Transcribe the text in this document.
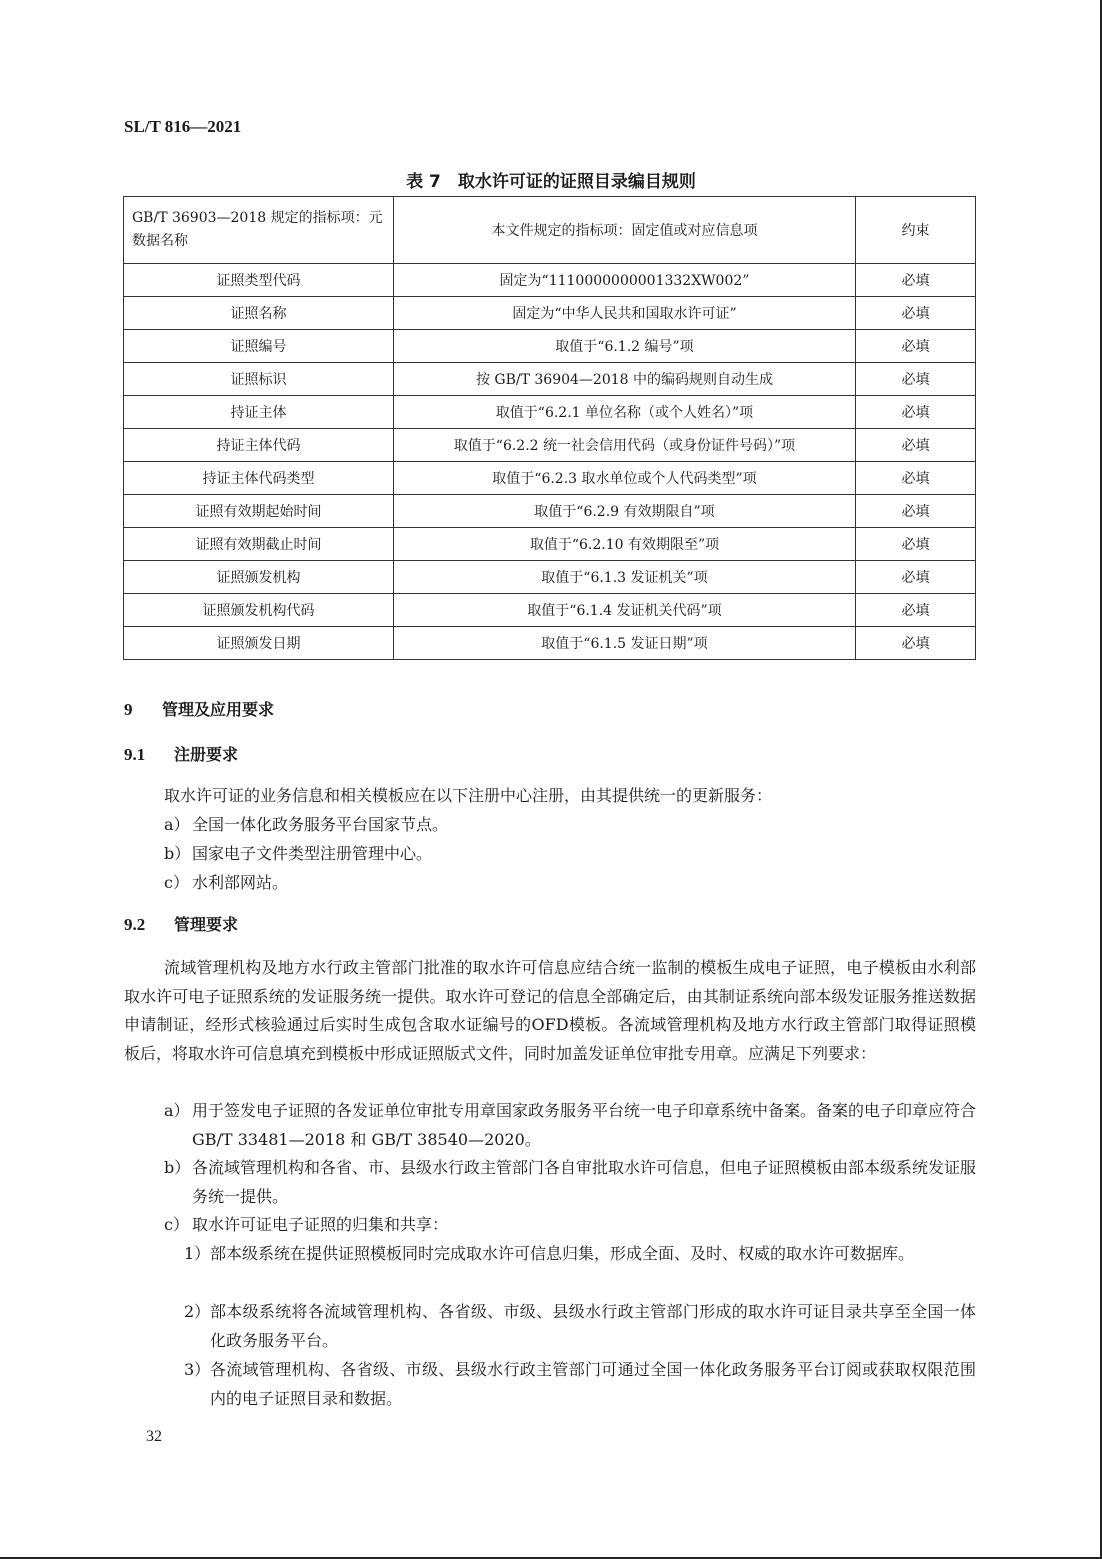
SL/T 816—2021
表 7　取水许可证的证照目录编目规则
GB/T 36903—2018 规定的指标项：元数据名称	本文件规定的指标项：固定值或对应信息项	约束
证照类型代码	固定为“1110000000001332XW002”	必填
证照名称	固定为“中华人民共和国取水许可证”	必填
证照编号	取值于“6.1.2 编号”项	必填
证照标识	按 GB/T 36904—2018 中的编码规则自动生成	必填
持证主体	取值于“6.2.1 单位名称（或个人姓名）”项	必填
持证主体代码	取值于“6.2.2 统一社会信用代码（或身份证件号码）”项	必填
持证主体代码类型	取值于“6.2.3 取水单位或个人代码类型”项	必填
证照有效期起始时间	取值于“6.2.9 有效期限自”项	必填
证照有效期截止时间	取值于“6.2.10 有效期限至”项	必填
证照颁发机构	取值于“6.1.3 发证机关”项	必填
证照颁发机构代码	取值于“6.1.4 发证机关代码”项	必填
证照颁发日期	取值于“6.1.5 发证日期”项	必填
9 管理及应用要求
9.1 注册要求
取水许可证的业务信息和相关模板应在以下注册中心注册，由其提供统一的更新服务：
a） 全国一体化政务服务平台国家节点。
b） 国家电子文件类型注册管理中心。
c） 水利部网站。
9.2 管理要求
流域管理机构及地方水行政主管部门批准的取水许可信息应结合统一监制的模板生成电子证照，电子模板由水利部取水许可电子证照系统的发证服务统一提供。取水许可登记的信息全部确定后，由其制证系统向部本级发证服务推送数据申请制证，经形式核验通过后实时生成包含取水证编号的OFD模板。各流域管理机构及地方水行政主管部门取得证照模板后，将取水许可信息填充到模板中形成证照版式文件，同时加盖发证单位审批专用章。应满足下列要求：
a） 用于签发电子证照的各发证单位审批专用章国家政务服务平台统一电子印章系统中备案。备案的电子印章应符合 GB/T 33481—2018 和 GB/T 38540—2020。
b） 各流域管理机构和各省、市、县级水行政主管部门各自审批取水许可信息，但电子证照模板由部本级系统发证服务统一提供。
c） 取水许可证电子证照的归集和共享：
1） 部本级系统在提供证照模板同时完成取水许可信息归集，形成全面、及时、权威的取水许可数据库。
2） 部本级系统将各流域管理机构、各省级、市级、县级水行政主管部门形成的取水许可证目录共享至全国一体化政务服务平台。
3） 各流域管理机构、各省级、市级、县级水行政主管部门可通过全国一体化政务服务平台订阅或获取权限范围内的电子证照目录和数据。
32
